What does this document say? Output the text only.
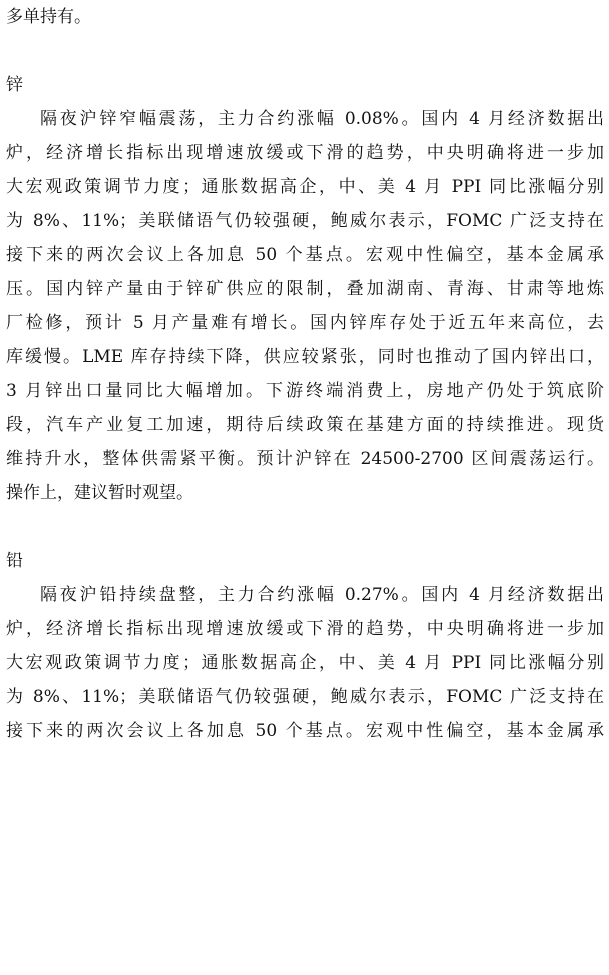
多单持有。
锌
隔夜沪锌窄幅震荡，主力合约涨幅 0.08%。国内 4 月经济数据出
炉，经济增长指标出现增速放缓或下滑的趋势，中央明确将进一步加
大宏观政策调节力度；通胀数据高企，中、美 4 月 PPI 同比涨幅分别
为 8%、11%；美联储语气仍较强硬，鲍威尔表示，FOMC 广泛支持在
接下来的两次会议上各加息 50 个基点。宏观中性偏空，基本金属承
压。国内锌产量由于锌矿供应的限制，叠加湖南、青海、甘肃等地炼
厂检修，预计 5 月产量难有增长。国内锌库存处于近五年来高位，去
库缓慢。LME 库存持续下降，供应较紧张，同时也推动了国内锌出口，
3 月锌出口量同比大幅增加。下游终端消费上，房地产仍处于筑底阶
段，汽车产业复工加速，期待后续政策在基建方面的持续推进。现货
维持升水，整体供需紧平衡。预计沪锌在 24500-2700 区间震荡运行。
操作上，建议暂时观望。
铅
隔夜沪铅持续盘整，主力合约涨幅 0.27%。国内 4 月经济数据出
炉，经济增长指标出现增速放缓或下滑的趋势，中央明确将进一步加
大宏观政策调节力度；通胀数据高企，中、美 4 月 PPI 同比涨幅分别
为 8%、11%；美联储语气仍较强硬，鲍威尔表示，FOMC 广泛支持在
接下来的两次会议上各加息 50 个基点。宏观中性偏空，基本金属承
